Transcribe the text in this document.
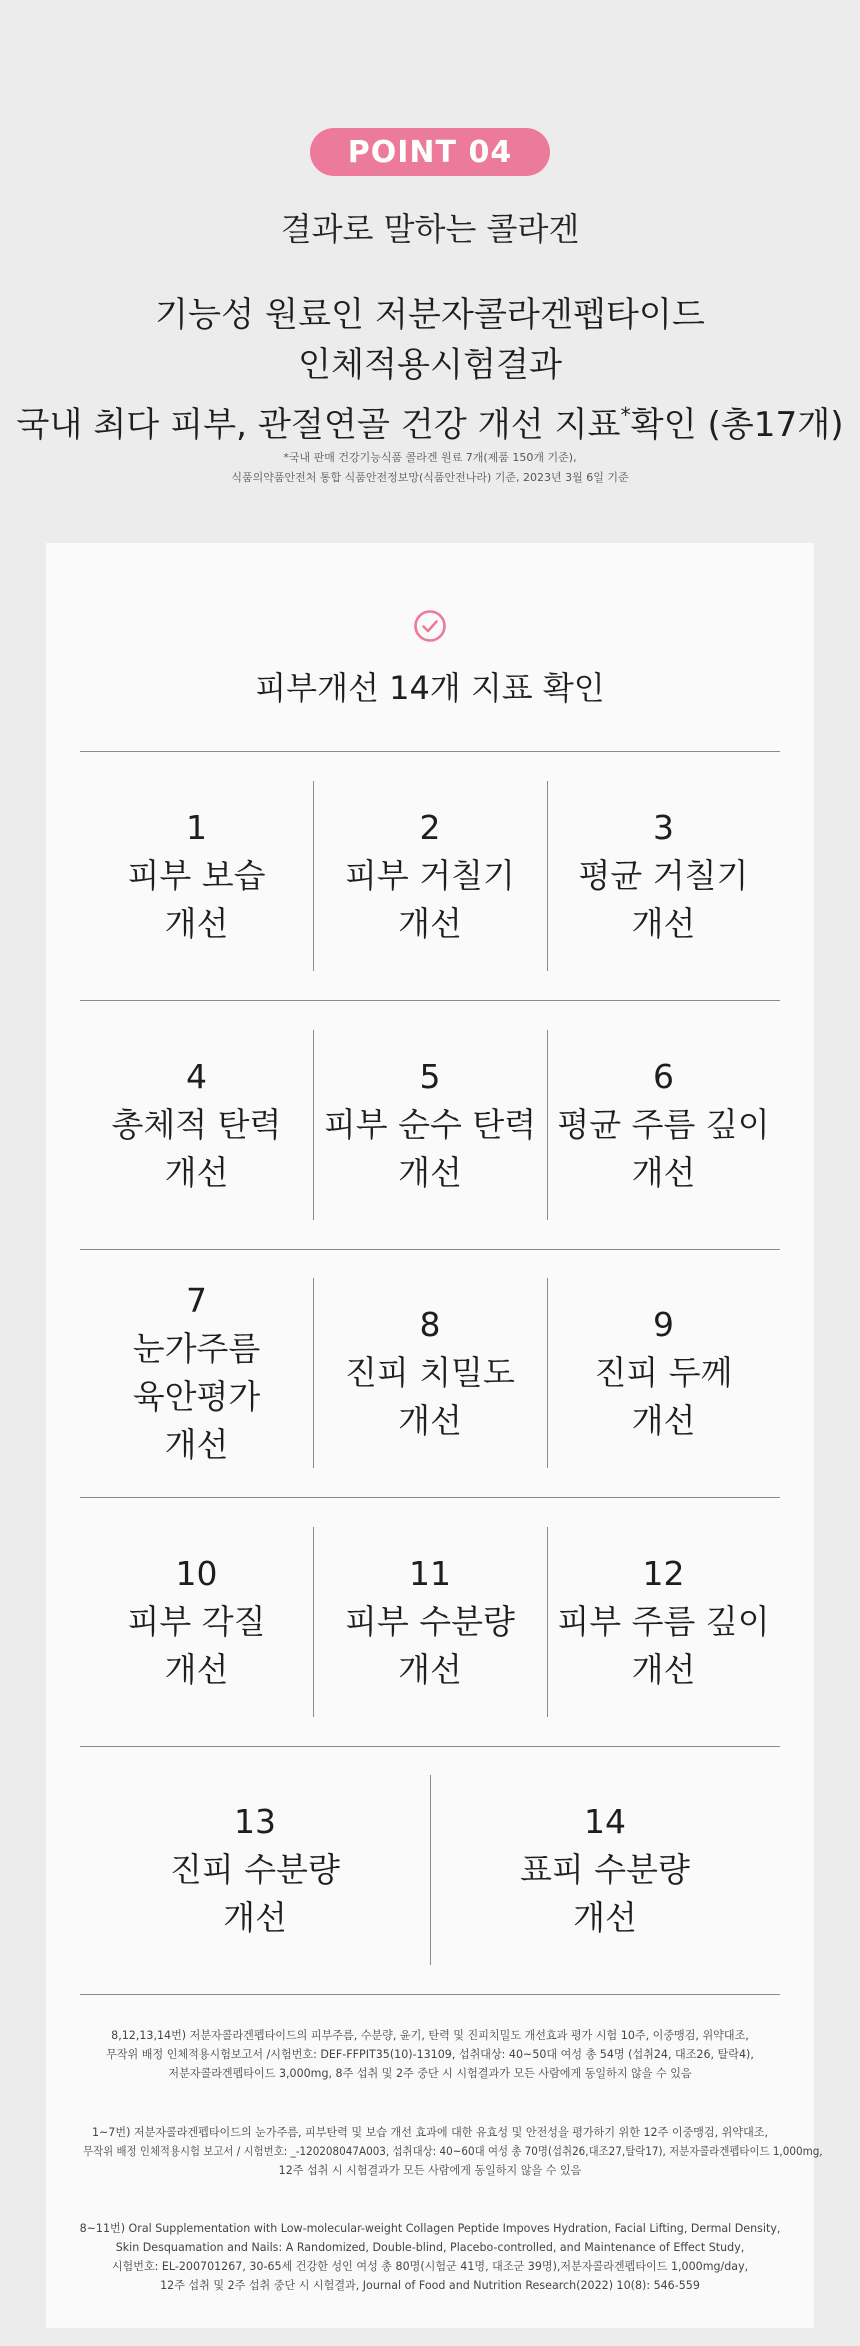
POINT 04
결과로 말하는 콜라겐
기능성 원료인 저분자콜라겐펩타이드
인체적용시험결과
국내 최다 피부, 관절연골 건강 개선 지표*확인 (총17개)
*국내 판매 건강기능식품 콜라겐 원료 7개(제품 150개 기준),
식품의약품안전처 통합 식품안전정보망(식품안전나라) 기준, 2023년 3월 6일 기준
피부개선 14개 지표 확인
1
피부 보습
개선
2
피부 거칠기
개선
3
평균 거칠기
개선
4
총체적 탄력
개선
5
피부 순수 탄력
개선
6
평균 주름 깊이
개선
7
눈가주름
육안평가
개선
8
진피 치밀도
개선
9
진피 두께
개선
10
피부 각질
개선
11
피부 수분량
개선
12
피부 주름 깊이
개선
13
진피 수분량
개선
14
표피 수분량
개선
8,12,13,14번) 저분자콜라겐펩타이드의 피부주름, 수분량, 윤기, 탄력 및 진피치밀도 개선효과 평가 시험 10주, 이중맹검, 위약대조,
무작위 배정 인체적용시험보고서 /시험번호: DEF-FFPIT35(10)-13109, 섭취대상: 40~50대 여성 총 54명 (섭취24, 대조26, 탈락4),
저분자콜라겐펩타이드 3,000mg, 8주 섭취 및 2주 중단 시 시험결과가 모든 사람에게 동일하지 않을 수 있음
1~7번) 저분자콜라겐펩타이드의 눈가주름, 피부탄력 및 보습 개선 효과에 대한 유효성 및 안전성을 평가하기 위한 12주 이중맹검, 위약대조,
무작위 배정 인체적용시험 보고서 / 시험번호: _-120208047A003, 섭취대상: 40~60대 여성 총 70명(섭취26,대조27,탈락17), 저분자콜라겐펩타이드 1,000mg,
12주 섭취 시 시험결과가 모든 사람에게 동일하지 않을 수 있음
8~11번) Oral Supplementation with Low-molecular-weight Collagen Peptide Impoves Hydration, Facial Lifting, Dermal Density,
Skin Desquamation and Nails: A Randomized, Double-blind, Placebo-controlled, and Maintenance of Effect Study,
시험번호: EL-200701267, 30-65세 건강한 성인 여성 총 80명(시험군 41명, 대조군 39명),저분자콜라겐펩타이드 1,000mg/day,
12주 섭취 및 2주 섭취 중단 시 시험결과, Journal of Food and Nutrition Research(2022) 10(8): 546-559
